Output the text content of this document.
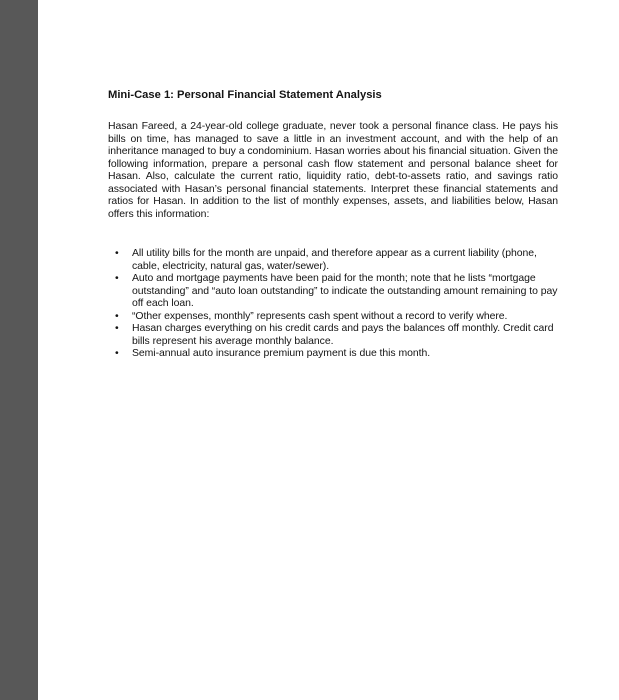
Mini-Case 1: Personal Financial Statement Analysis

Hasan Fareed, a 24-year-old college graduate, never took a personal finance class. He pays his bills on time, has managed to save a little in an investment account, and with the help of an inheritance managed to buy a condominium. Hasan worries about his financial situation. Given the following information, prepare a personal cash flow statement and personal balance sheet for Hasan. Also, calculate the current ratio, liquidity ratio, debt-to-assets ratio, and savings ratio associated with Hasan’s personal financial statements. Interpret these financial statements and ratios for Hasan. In addition to the list of monthly expenses, assets, and liabilities below, Hasan offers this information:

• All utility bills for the month are unpaid, and therefore appear as a current liability (phone, cable, electricity, natural gas, water/sewer).
• Auto and mortgage payments have been paid for the month; note that he lists “mortgage outstanding” and “auto loan outstanding” to indicate the outstanding amount remaining to pay off each loan.
• “Other expenses, monthly” represents cash spent without a record to verify where.
• Hasan charges everything on his credit cards and pays the balances off monthly. Credit card bills represent his average monthly balance.
• Semi-annual auto insurance premium payment is due this month.
